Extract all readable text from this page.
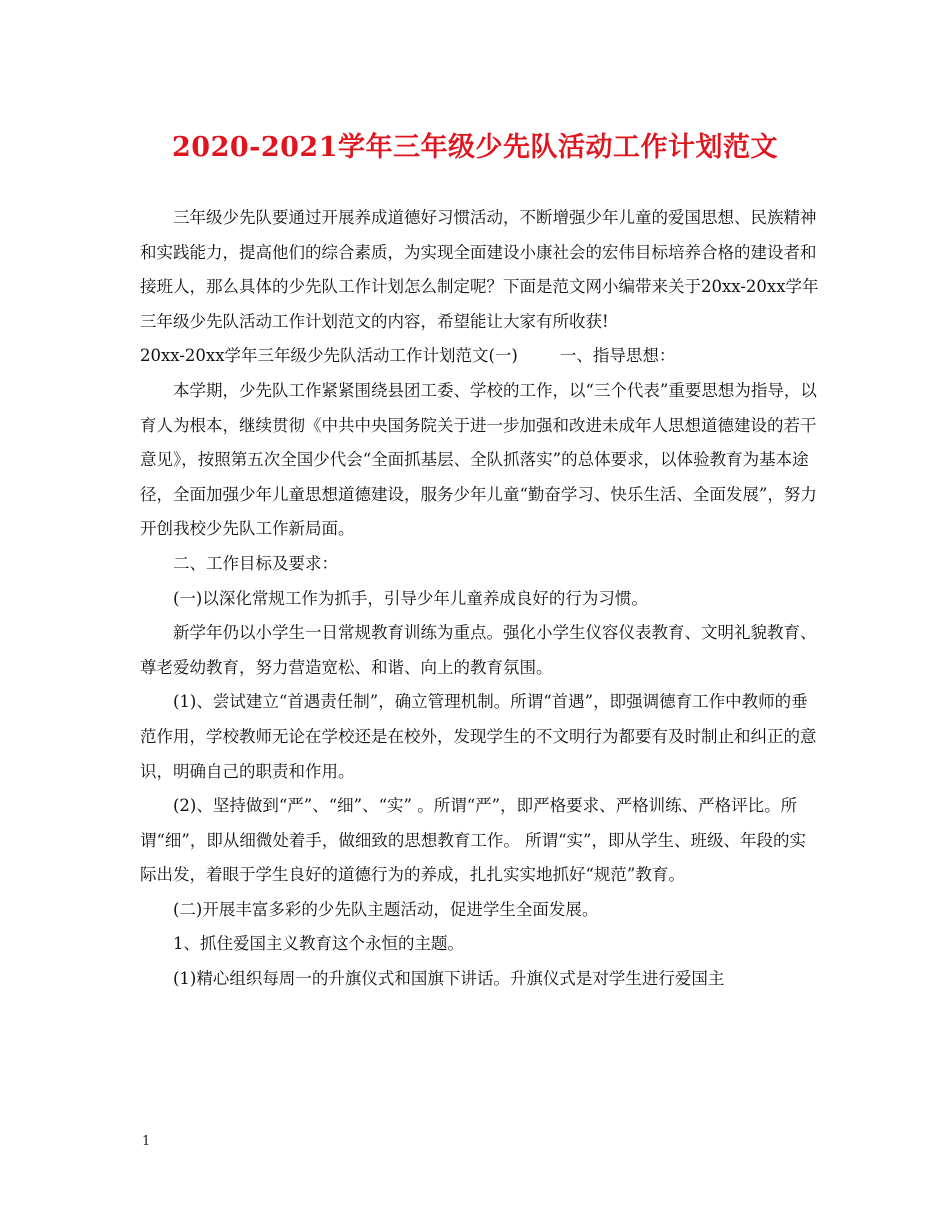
2020-2021学年三年级少先队活动工作计划范文

三年级少先队要通过开展养成道德好习惯活动，不断增强少年儿童的爱国思想、民族精神和实践能力，提高他们的综合素质，为实现全面建设小康社会的宏伟目标培养合格的建设者和接班人，那么具体的少先队工作计划怎么制定呢？下面是范文网小编带来关于20xx-20xx学年三年级少先队活动工作计划范文的内容，希望能让大家有所收获!

20xx-20xx学年三年级少先队活动工作计划范文(一)	一、指导思想：

本学期，少先队工作紧紧围绕县团工委、学校的工作，以“三个代表”重要思想为指导，以育人为根本，继续贯彻《中共中央国务院关于进一步加强和改进未成年人思想道德建设的若干意见》，按照第五次全国少代会“全面抓基层、全队抓落实”的总体要求，以体验教育为基本途径，全面加强少年儿童思想道德建设，服务少年儿童“勤奋学习、快乐生活、全面发展”，努力开创我校少先队工作新局面。

二、工作目标及要求：

(一)以深化常规工作为抓手，引导少年儿童养成良好的行为习惯。

新学年仍以小学生一日常规教育训练为重点。强化小学生仪容仪表教育、文明礼貌教育、尊老爱幼教育，努力营造宽松、和谐、向上的教育氛围。

(1)、尝试建立“首遇责任制”，确立管理机制。所谓“首遇”，即强调德育工作中教师的垂范作用，学校教师无论在学校还是在校外，发现学生的不文明行为都要有及时制止和纠正的意识，明确自己的职责和作用。

(2)、坚持做到“严”、“细”、“实” 。所谓“严”，即严格要求、严格训练、严格评比。所谓“细”，即从细微处着手，做细致的思想教育工作。 所谓“实”，即从学生、班级、年段的实际出发，着眼于学生良好的道德行为的养成，扎扎实实地抓好“规范”教育。

(二)开展丰富多彩的少先队主题活动，促进学生全面发展。

1、抓住爱国主义教育这个永恒的主题。

(1)精心组织每周一的升旗仪式和国旗下讲话。升旗仪式是对学生进行爱国主

1
